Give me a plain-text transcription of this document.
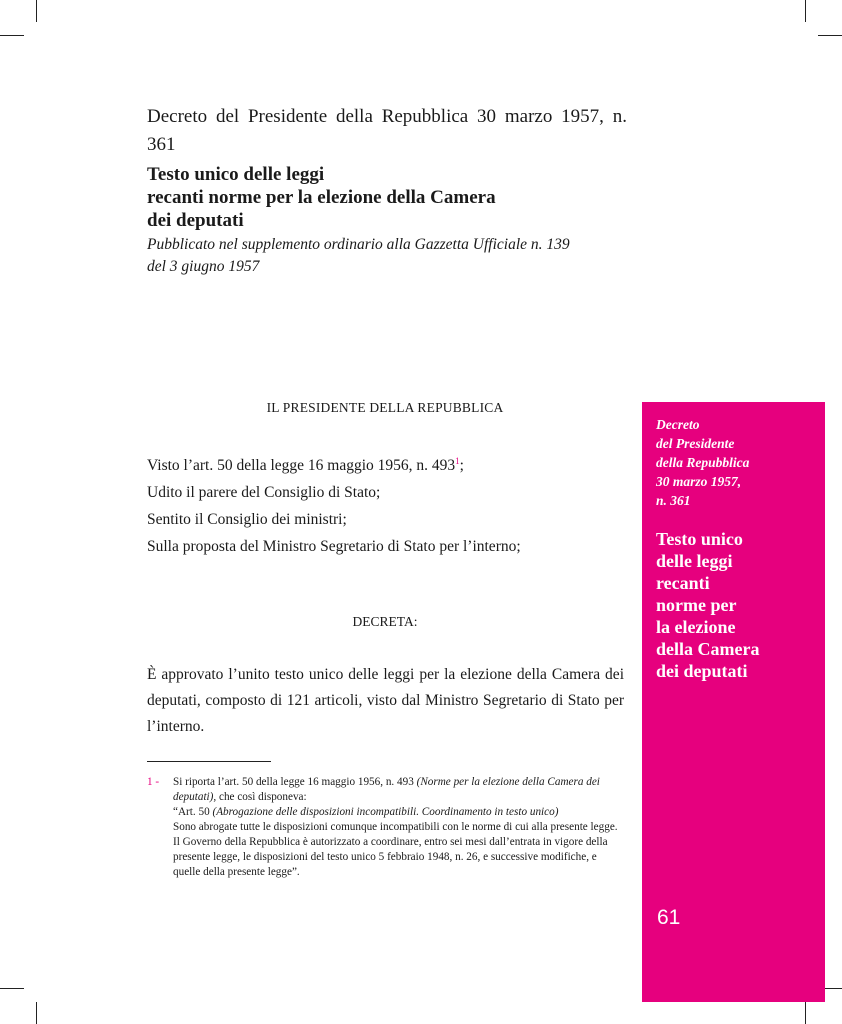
Decreto del Presidente della Repubblica 30 marzo 1957, n. 361

Testo unico delle leggi
recanti norme per la elezione della Camera
dei deputati

Pubblicato nel supplemento ordinario alla Gazzetta Ufficiale n. 139
del 3 giugno 1957

IL PRESIDENTE DELLA REPUBBLICA
Visto l’art. 50 della legge 16 maggio 1956, n. $493^1$;
Udito il parere del Consiglio di Stato;
Sentito il Consiglio dei ministri;
Sulla proposta del Ministro Segretario di Stato per l’interno;
DECRETA:

È approvato l’unito testo unico delle leggi per la elezione della Camera dei deputati, composto di 121 articoli, visto dal Ministro Segretario di Stato per l’interno.

1 - Si riporta l’art. 50 della legge 16 maggio 1956, n. 493 (Norme per la elezione della Camera dei deputati), che così disponeva:
“Art. 50 (Abrogazione delle disposizioni incompatibili. Coordinamento in testo unico)
Sono abrogate tutte le disposizioni comunque incompatibili con le norme di cui alla presente legge.
Il Governo della Repubblica è autorizzato a coordinare, entro sei mesi dall’entrata in vigore della presente legge, le disposizioni del testo unico 5 febbraio 1948, n. 26, e successive modifiche, e quelle della presente legge”.
Decreto
del Presidente
della Repubblica
30 marzo 1957,
n. 361
Testo unico
delle leggi
recanti
norme per
la elezione
della Camera
dei deputati
61
